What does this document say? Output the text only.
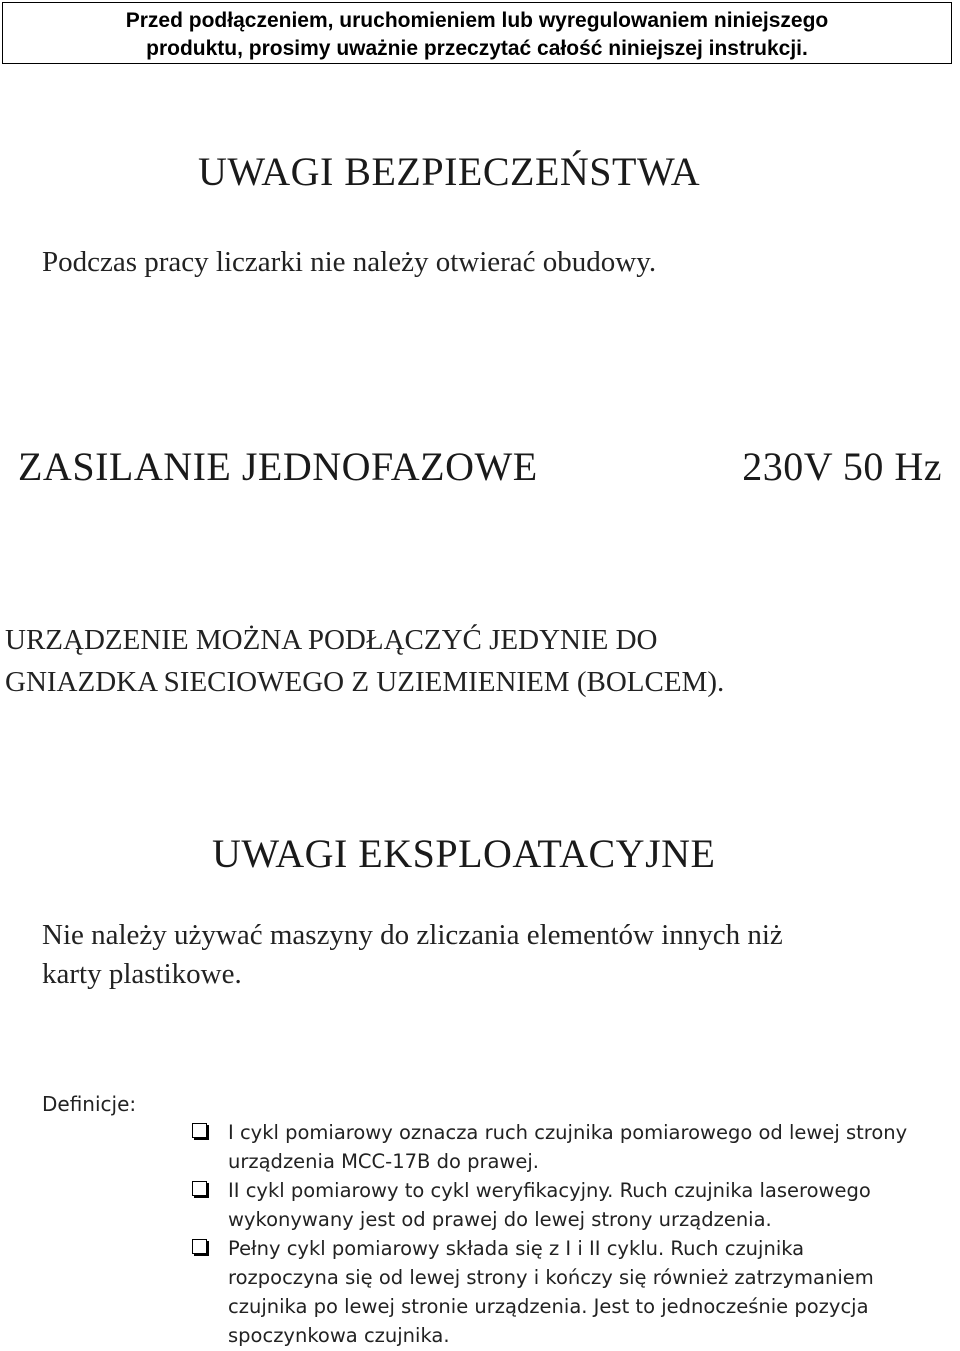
Przed podłączeniem, uruchomieniem lub wyregulowaniem niniejszego
produktu, prosimy uważnie przeczytać całość niniejszej instrukcji.
UWAGI BEZPIECZEŃSTWA
Podczas pracy liczarki nie należy otwierać obudowy.
ZASILANIE JEDNOFAZOWE	230V 50 Hz
URZĄDZENIE MOŻNA PODŁĄCZYĆ JEDYNIE DO
GNIAZDKA SIECIOWEGO Z UZIEMIENIEM (BOLCEM).
UWAGI EKSPLOATACYJNE
Nie należy używać maszyny do zliczania elementów innych niż
karty plastikowe.
Definicje:
I cykl pomiarowy oznacza ruch czujnika pomiarowego od lewej strony
urządzenia MCC-17B do prawej.
II cykl pomiarowy to cykl weryfikacyjny. Ruch czujnika laserowego
wykonywany jest od prawej do lewej strony urządzenia.
Pełny cykl pomiarowy składa się z I i II cyklu. Ruch czujnika
rozpoczyna się od lewej strony i kończy się również zatrzymaniem
czujnika po lewej stronie urządzenia. Jest to jednocześnie pozycja
spoczynkowa czujnika.
